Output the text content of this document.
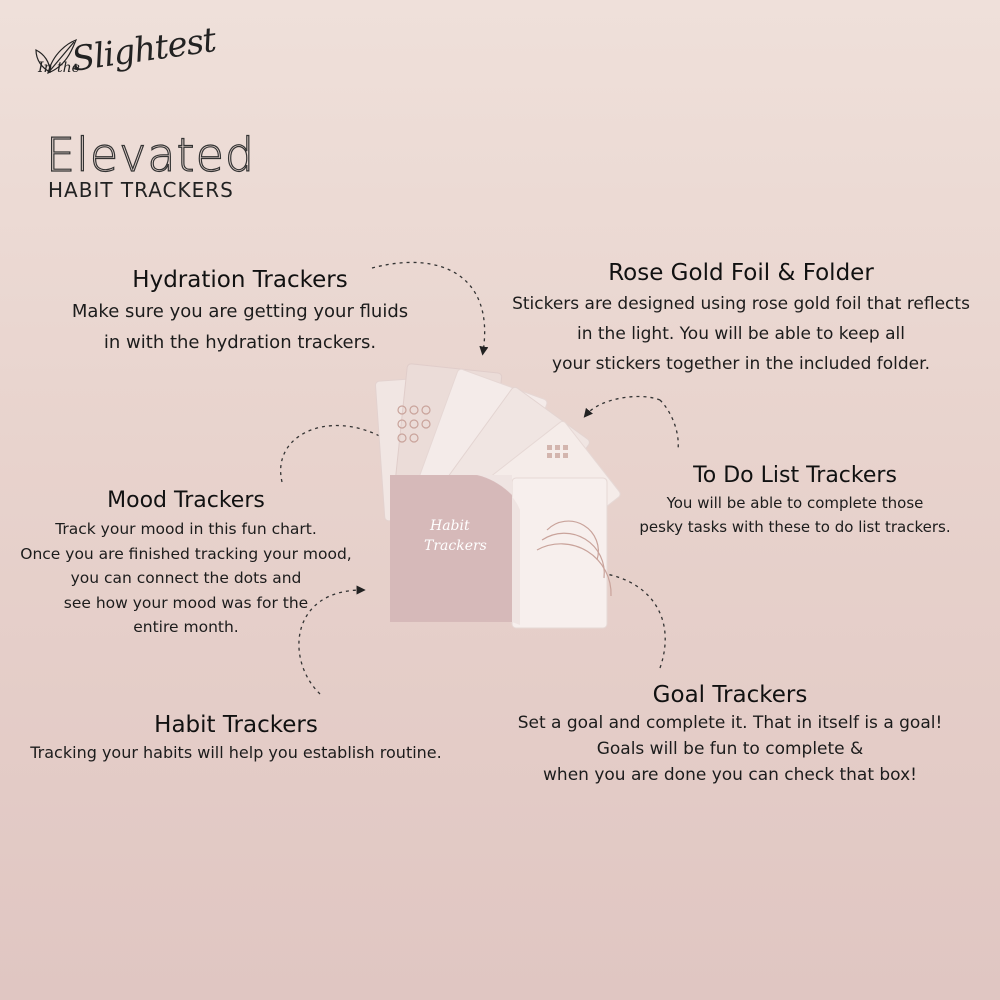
In the
Slightest
Elevated
HABIT TRACKERS
Habit
Trackers
Hydration Trackers

Make sure you are getting your fluids

in with the hydration trackers.

Rose Gold Foil & Folder

Stickers are designed using rose gold foil that reflects

in the light. You will be able to keep all

your stickers together in the included folder.

To Do List Trackers

You will be able to complete those

pesky tasks with these to do list trackers.

Mood Trackers

Track your mood in this fun chart.

Once you are finished tracking your mood,

you can connect the dots and

see how your mood was for the

entire month.

Habit Trackers

Tracking your habits will help you establish routine.

Goal Trackers

Set a goal and complete it. That in itself is a goal!

Goals will be fun to complete &

when you are done you can check that box!
